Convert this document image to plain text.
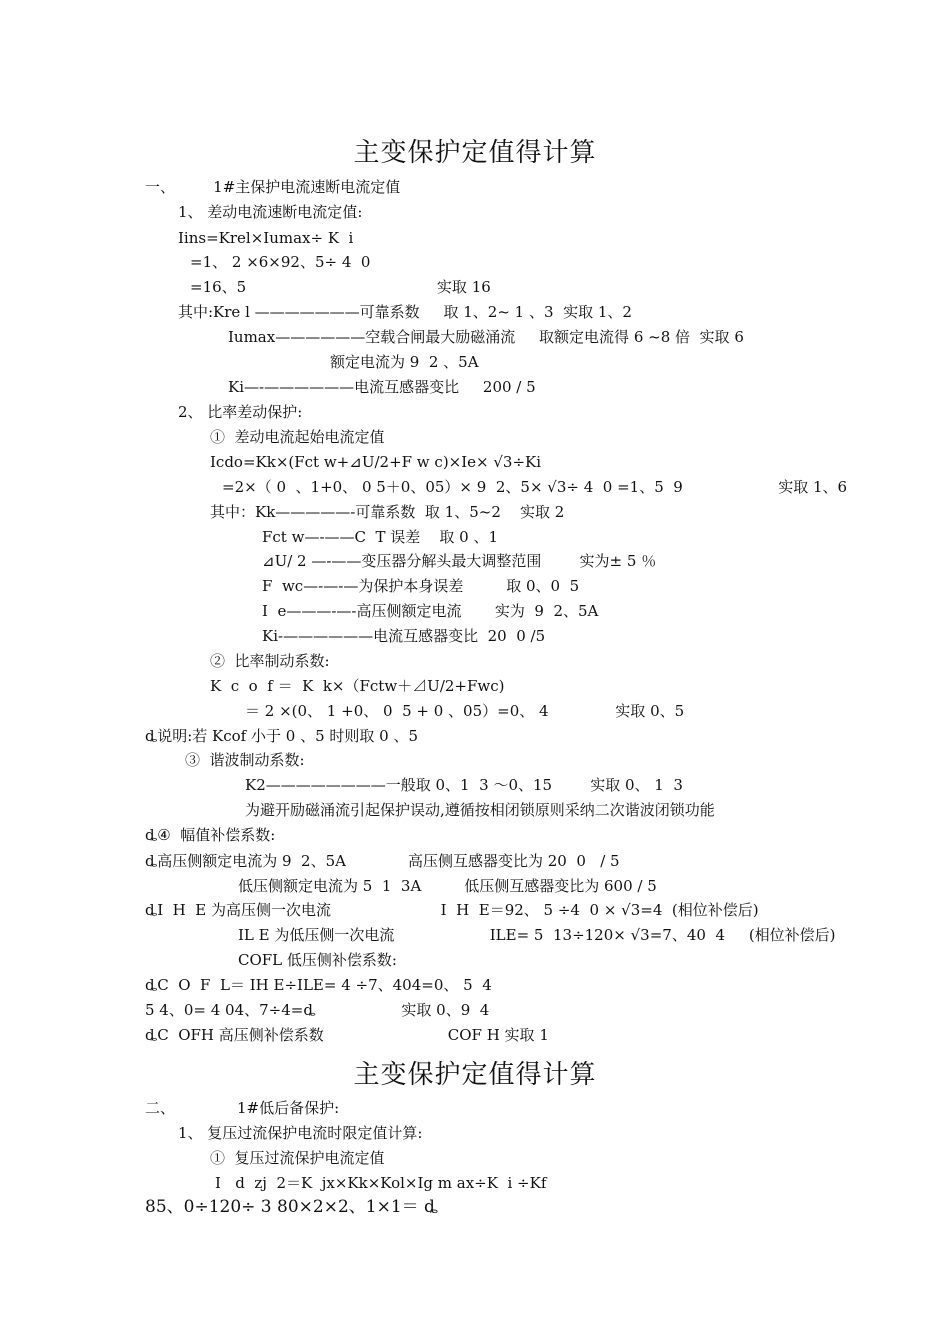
主变保护定值得计算
一、        1#主保护电流速断电流定值
1、 差动电流速断电流定值:
Iins=Krel×Iumax÷ K  i
=1、 2 ×6×92、5÷ 4  0
=16、5                                        实取 16
其中:Kre l ———————可靠系数     取 1、2~ 1 、3  实取 1、2
Iumax——————空载合闸最大励磁涌流     取额定电流得 6 ~8 倍  实取 6
额定电流为 9  2 、5A
Ki—-——————电流互感器变比     200 / 5
2、 比率差动保护:
①  差动电流起始电流定值
Icdo=Kk×(Fct w+⊿U/2+F w c)×Ie× √3÷Ki
=2×（ 0  、1+0、 0 5＋0、05）× 9  2、5× √3÷ 4  0 =1、5  9                    实取 1、6
其中：Kk—————-可靠系数  取 1、5~2    实取 2
Fct w—-——C  T 误差    取 0 、1
⊿U/ 2 —-——变压器分解头最大调整范围        实为± 5 ％
F  wc—-—-—为保护本身误差         取 0、0  5
I  e———-—-高压侧额定电流       实为  9  2、5A
Ki-——————电流互感器变比  20  0 /5
②  比率制动系数:
K  c  o  f ＝  K  k×（Fctw＋⊿U/2+Fwc)
＝ 2 ×(0、 1 +0、 0  5 + 0 、05）=0、 4              实取 0、5
ȡ说明:若 Kcof 小于 0 、5 时则取 0 、5
③  谐波制动系数:
K2————————一般取 0、1  3 ～0、15        实取 0、 1  3
为避开励磁涌流引起保护误动,遵循按相闭锁原则采纳二次谐波闭锁功能
ȡ④  幅值补偿系数:
ȡ高压侧额定电流为 9  2、5A             高压侧互感器变比为 20  0   / 5
低压侧额定电流为 5  1  3A         低压侧互感器变比为 600 / 5
ȡI  H  E 为高压侧一次电流                       I  H  E＝92、 5 ÷4  0 × √3=4  (相位补偿后)
IL E 为低压侧一次电流                    ILE= 5  13÷120× √3=7、40  4     (相位补偿后)
COFL 低压侧补偿系数:
ȡC  O  F  L＝ IH E÷ILE= 4 ÷7、404=0、 5  4
5 4、0= 4 04、7÷4=ȡ                  实取 0、9  4
ȡC  OFH 高压侧补偿系数                          COF H 实取 1
主变保护定值得计算
二、             1#低后备保护:
1、 复压过流保护电流时限定值计算:
①  复压过流保护电流定值
I   d  zj  2＝K  jx×Kk×Kol×Ig m ax÷K  i ÷Kf
85、0÷120÷ 3 80×2×2、1×1＝ ȡ
